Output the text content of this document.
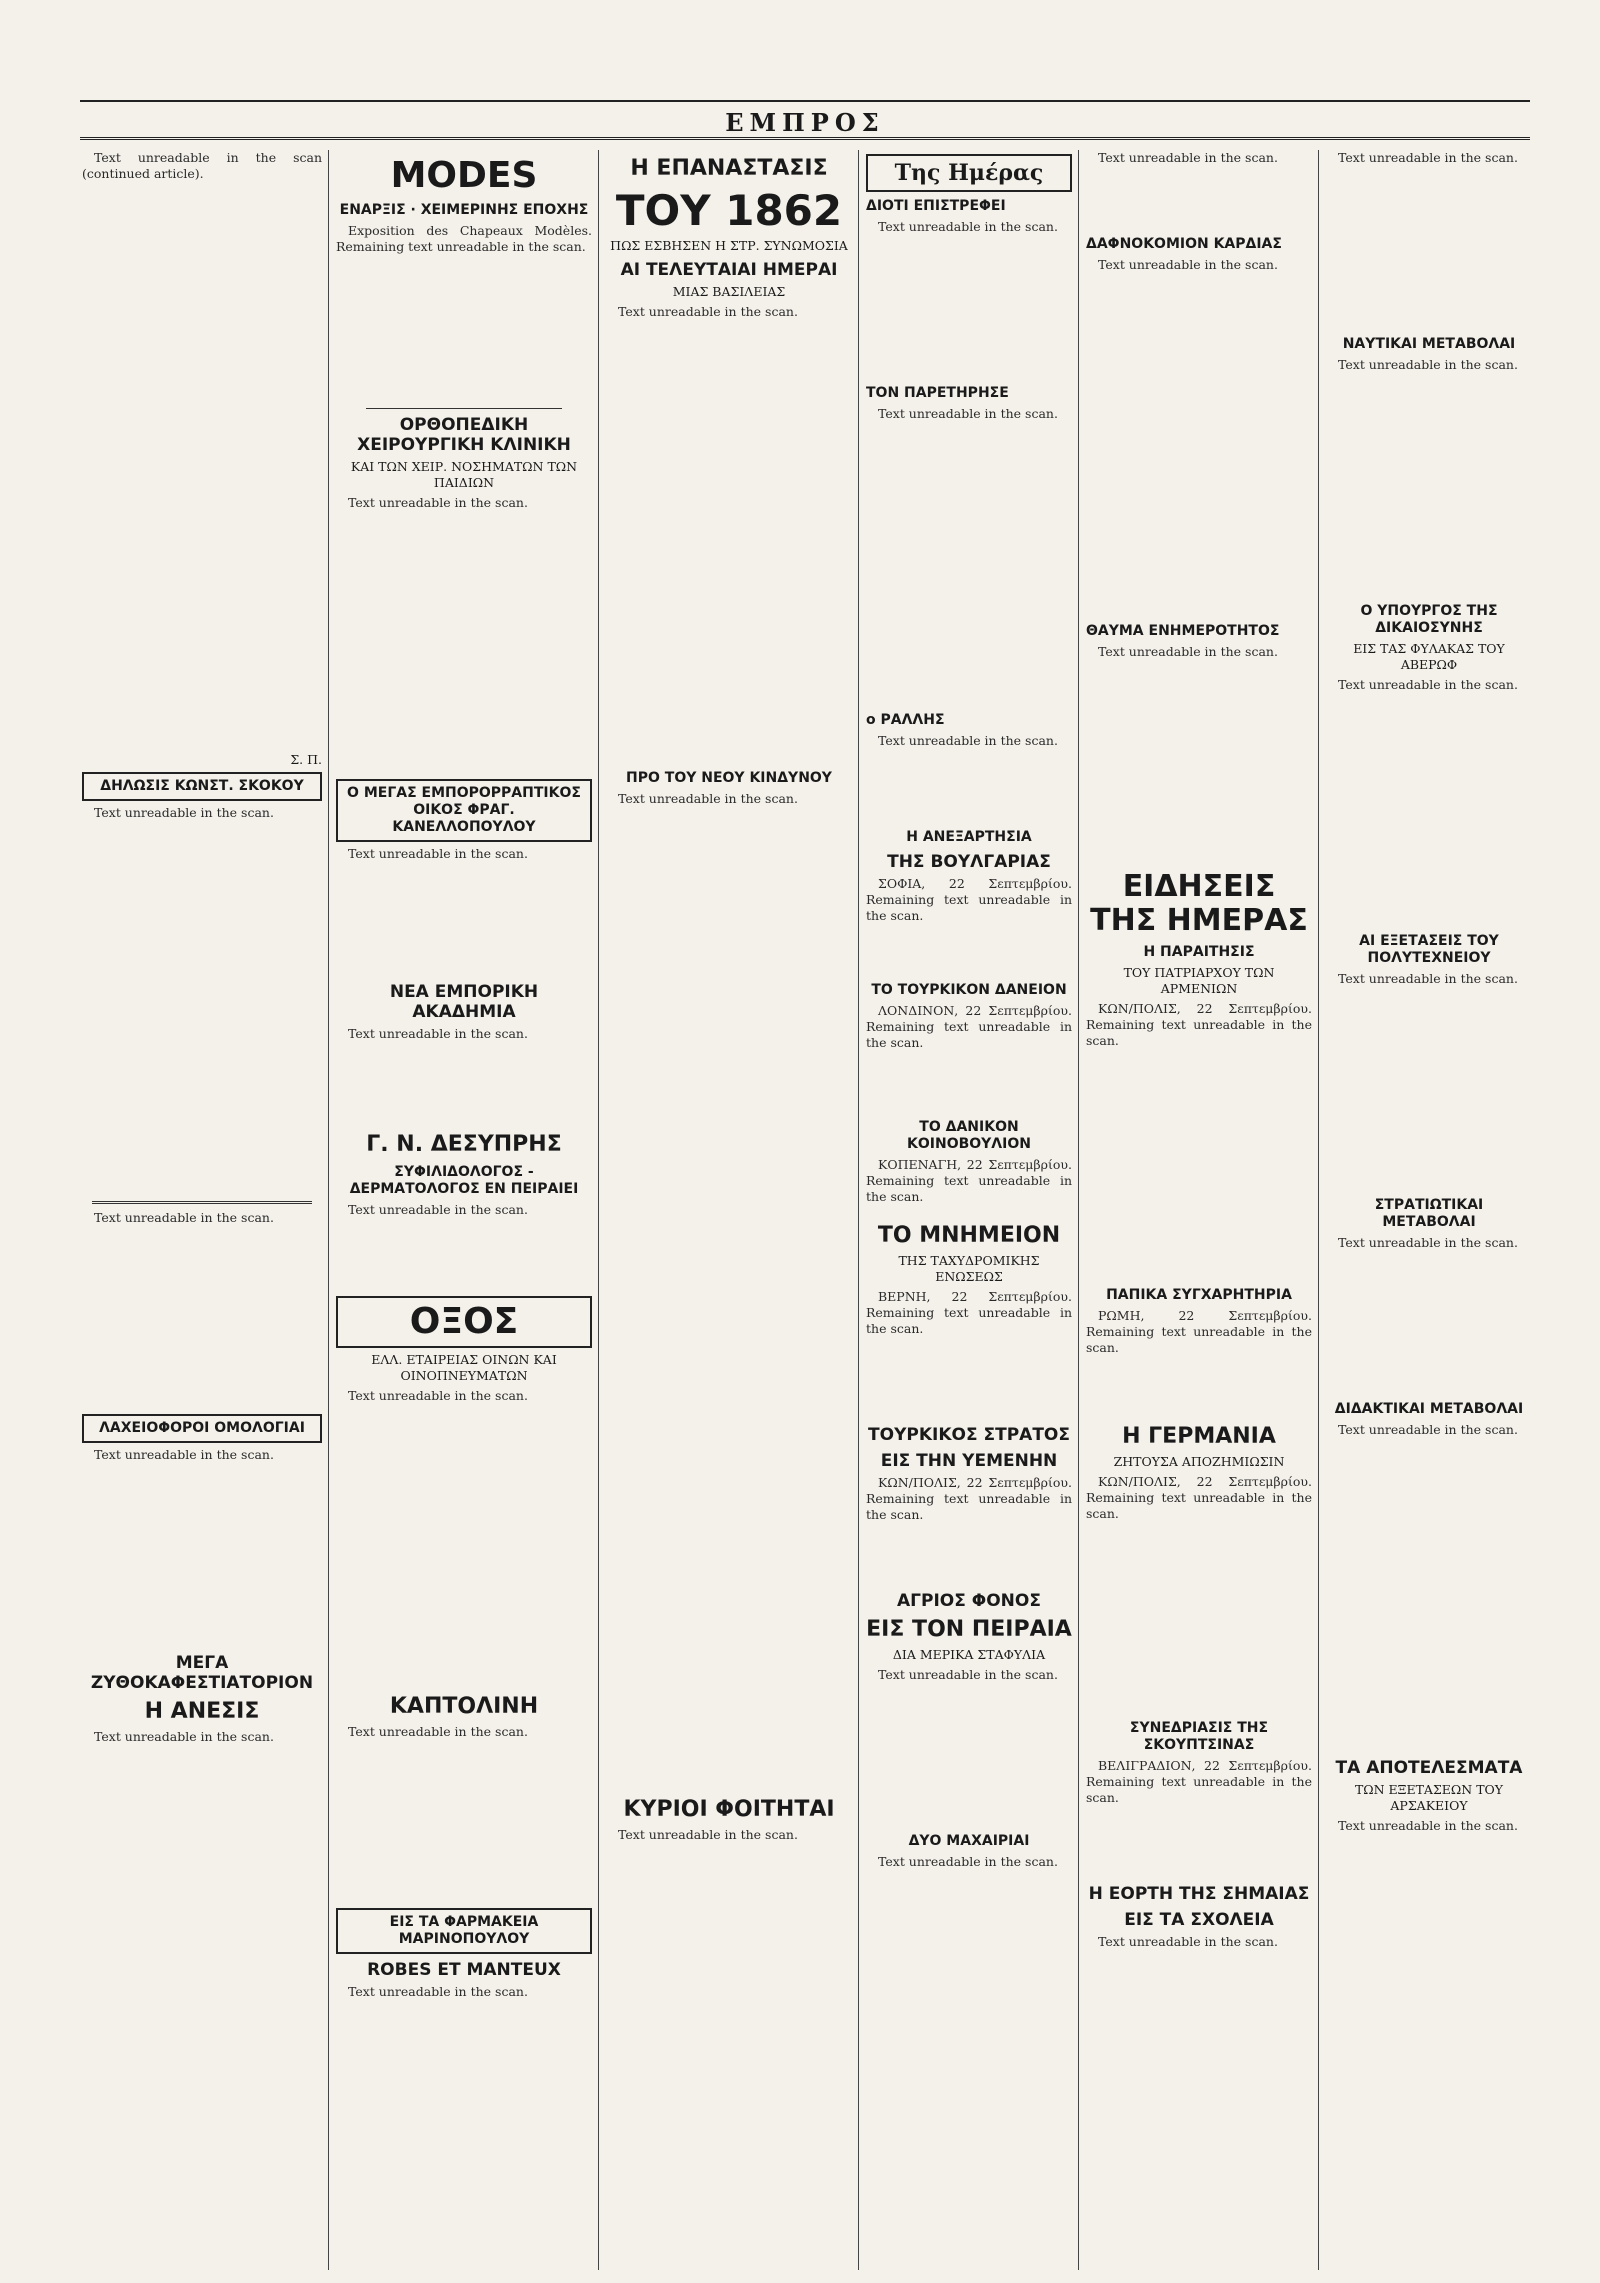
ΕΜΠΡΟΣ

Text unreadable in the scan (continued article).

Σ. Π.
ΔΗΛΩΣΙΣ ΚΩΝΣΤ. ΣΚΟΚΟΥ

Text unreadable in the scan.

Text unreadable in the scan.

ΛΑΧΕΙΟΦΟΡΟΙ ΟΜΟΛΟΓΙΑΙ

Text unreadable in the scan.

ΜΕΓΑ ΖΥΘΟΚΑΦΕΣΤΙΑΤΟΡΙΟΝ
Η ΑΝΕΣΙΣ

Text unreadable in the scan.

MODES
ΕΝΑΡΞΙΣ · ΧΕΙΜΕΡΙΝΗΣ ΕΠΟΧΗΣ

Exposition des Chapeaux Modèles. Remaining text unreadable in the scan.

ΟΡΘΟΠΕΔΙΚΗ ΧΕΙΡΟΥΡΓΙΚΗ ΚΛΙΝΙΚΗ
ΚΑΙ ΤΩΝ ΧΕΙΡ. ΝΟΣΗΜΑΤΩΝ ΤΩΝ ΠΑΙΔΙΩΝ

Text unreadable in the scan.

Ο ΜΕΓΑΣ ΕΜΠΟΡΟΡΡΑΠΤΙΚΟΣ ΟΙΚΟΣ ΦΡΑΓ. ΚΑΝΕΛΛΟΠΟΥΛΟΥ

Text unreadable in the scan.

ΝΕΑ ΕΜΠΟΡΙΚΗ ΑΚΑΔΗΜΙΑ

Text unreadable in the scan.

Γ. Ν. ΔΕΣΥΠΡΗΣ
ΣΥΦΙΛΙΔΟΛΟΓΟΣ - ΔΕΡΜΑΤΟΛΟΓΟΣ ΕΝ ΠΕΙΡΑΙΕΙ

Text unreadable in the scan.

ΟΞΟΣ
ΕΛΛ. ΕΤΑΙΡΕΙΑΣ ΟΙΝΩΝ ΚΑΙ ΟΙΝΟΠΝΕΥΜΑΤΩΝ

Text unreadable in the scan.

ΚΑΠΤΟΛΙΝΗ

Text unreadable in the scan.

ΕΙΣ ΤΑ ΦΑΡΜΑΚΕΙΑ ΜΑΡΙΝΟΠΟΥΛΟΥ
ROBES ET MANTEUX

Text unreadable in the scan.

Η ΕΠΑΝΑΣΤΑΣΙΣ
ΤΟΥ 1862
ΠΩΣ ΕΣΒΗΣΕΝ Η ΣΤΡ. ΣΥΝΩΜΟΣΙΑ
ΑΙ ΤΕΛΕΥΤΑΙΑΙ ΗΜΕΡΑΙ
ΜΙΑΣ ΒΑΣΙΛΕΙΑΣ

Text unreadable in the scan.

ΠΡΟ ΤΟΥ ΝΕΟΥ ΚΙΝΔΥΝΟΥ

Text unreadable in the scan.

ΚΥΡΙΟΙ ΦΟΙΤΗΤΑΙ

Text unreadable in the scan.

Της Ημέρας
ΔΙΟΤΙ ΕΠΙΣΤΡΕΦΕΙ

Text unreadable in the scan.

ΤΟΝ ΠΑΡΕΤΗΡΗΣΕ

Text unreadable in the scan.

ο ΡΑΛΛΗΣ

Text unreadable in the scan.

Η ΑΝΕΞΑΡΤΗΣΙΑ
ΤΗΣ ΒΟΥΛΓΑΡΙΑΣ

ΣΟΦΙΑ, 22 Σεπτεμβρίου. Remaining text unreadable in the scan.

ΤΟ ΤΟΥΡΚΙΚΟΝ ΔΑΝΕΙΟΝ

ΛΟΝΔΙΝΟΝ, 22 Σεπτεμβρίου. Remaining text unreadable in the scan.

ΤΟ ΔΑΝΙΚΟΝ ΚΟΙΝΟΒΟΥΛΙΟΝ

ΚΟΠΕΝΑΓΗ, 22 Σεπτεμβρίου. Remaining text unreadable in the scan.

ΤΟ ΜΝΗΜΕΙΟΝ
ΤΗΣ ΤΑΧΥΔΡΟΜΙΚΗΣ ΕΝΩΣΕΩΣ

ΒΕΡΝΗ, 22 Σεπτεμβρίου. Remaining text unreadable in the scan.

ΤΟΥΡΚΙΚΟΣ ΣΤΡΑΤΟΣ
ΕΙΣ ΤΗΝ ΥΕΜΕΝΗΝ

ΚΩΝ/ΠΟΛΙΣ, 22 Σεπτεμβρίου. Remaining text unreadable in the scan.

ΑΓΡΙΟΣ ΦΟΝΟΣ
ΕΙΣ ΤΟΝ ΠΕΙΡΑΙΑ
ΔΙΑ ΜΕΡΙΚΑ ΣΤΑΦΥΛΙΑ

Text unreadable in the scan.

ΔΥΟ ΜΑΧΑΙΡΙΑΙ

Text unreadable in the scan.

Text unreadable in the scan.

ΔΑΦΝΟΚΟΜΙΟΝ ΚΑΡΔΙΑΣ

Text unreadable in the scan.

ΘΑΥΜΑ ΕΝΗΜΕΡΟΤΗΤΟΣ

Text unreadable in the scan.

ΕΙΔΗΣΕΙΣ ΤΗΣ ΗΜΕΡΑΣ
Η ΠΑΡΑΙΤΗΣΙΣ
ΤΟΥ ΠΑΤΡΙΑΡΧΟΥ ΤΩΝ ΑΡΜΕΝΙΩΝ

ΚΩΝ/ΠΟΛΙΣ, 22 Σεπτεμβρίου. Remaining text unreadable in the scan.

ΠΑΠΙΚΑ ΣΥΓΧΑΡΗΤΗΡΙΑ

ΡΩΜΗ, 22 Σεπτεμβρίου. Remaining text unreadable in the scan.

Η ΓΕΡΜΑΝΙΑ
ΖΗΤΟΥΣΑ ΑΠΟΖΗΜΙΩΣΙΝ

ΚΩΝ/ΠΟΛΙΣ, 22 Σεπτεμβρίου. Remaining text unreadable in the scan.

ΣΥΝΕΔΡΙΑΣΙΣ ΤΗΣ ΣΚΟΥΠΤΣΙΝΑΣ

ΒΕΛΙΓΡΑΔΙΟΝ, 22 Σεπτεμβρίου. Remaining text unreadable in the scan.

Η ΕΟΡΤΗ ΤΗΣ ΣΗΜΑΙΑΣ
ΕΙΣ ΤΑ ΣΧΟΛΕΙΑ

Text unreadable in the scan.

Text unreadable in the scan.

ΝΑΥΤΙΚΑΙ ΜΕΤΑΒΟΛΑΙ

Text unreadable in the scan.

Ο ΥΠΟΥΡΓΟΣ ΤΗΣ ΔΙΚΑΙΟΣΥΝΗΣ
ΕΙΣ ΤΑΣ ΦΥΛΑΚΑΣ ΤΟΥ ΑΒΕΡΩΦ

Text unreadable in the scan.

ΑΙ ΕΞΕΤΑΣΕΙΣ ΤΟΥ ΠΟΛΥΤΕΧΝΕΙΟΥ

Text unreadable in the scan.

ΣΤΡΑΤΙΩΤΙΚΑΙ ΜΕΤΑΒΟΛΑΙ

Text unreadable in the scan.

ΔΙΔΑΚΤΙΚΑΙ ΜΕΤΑΒΟΛΑΙ

Text unreadable in the scan.

ΤΑ ΑΠΟΤΕΛΕΣΜΑΤΑ
ΤΩΝ ΕΞΕΤΑΣΕΩΝ ΤΟΥ ΑΡΣΑΚΕΙΟΥ

Text unreadable in the scan.
